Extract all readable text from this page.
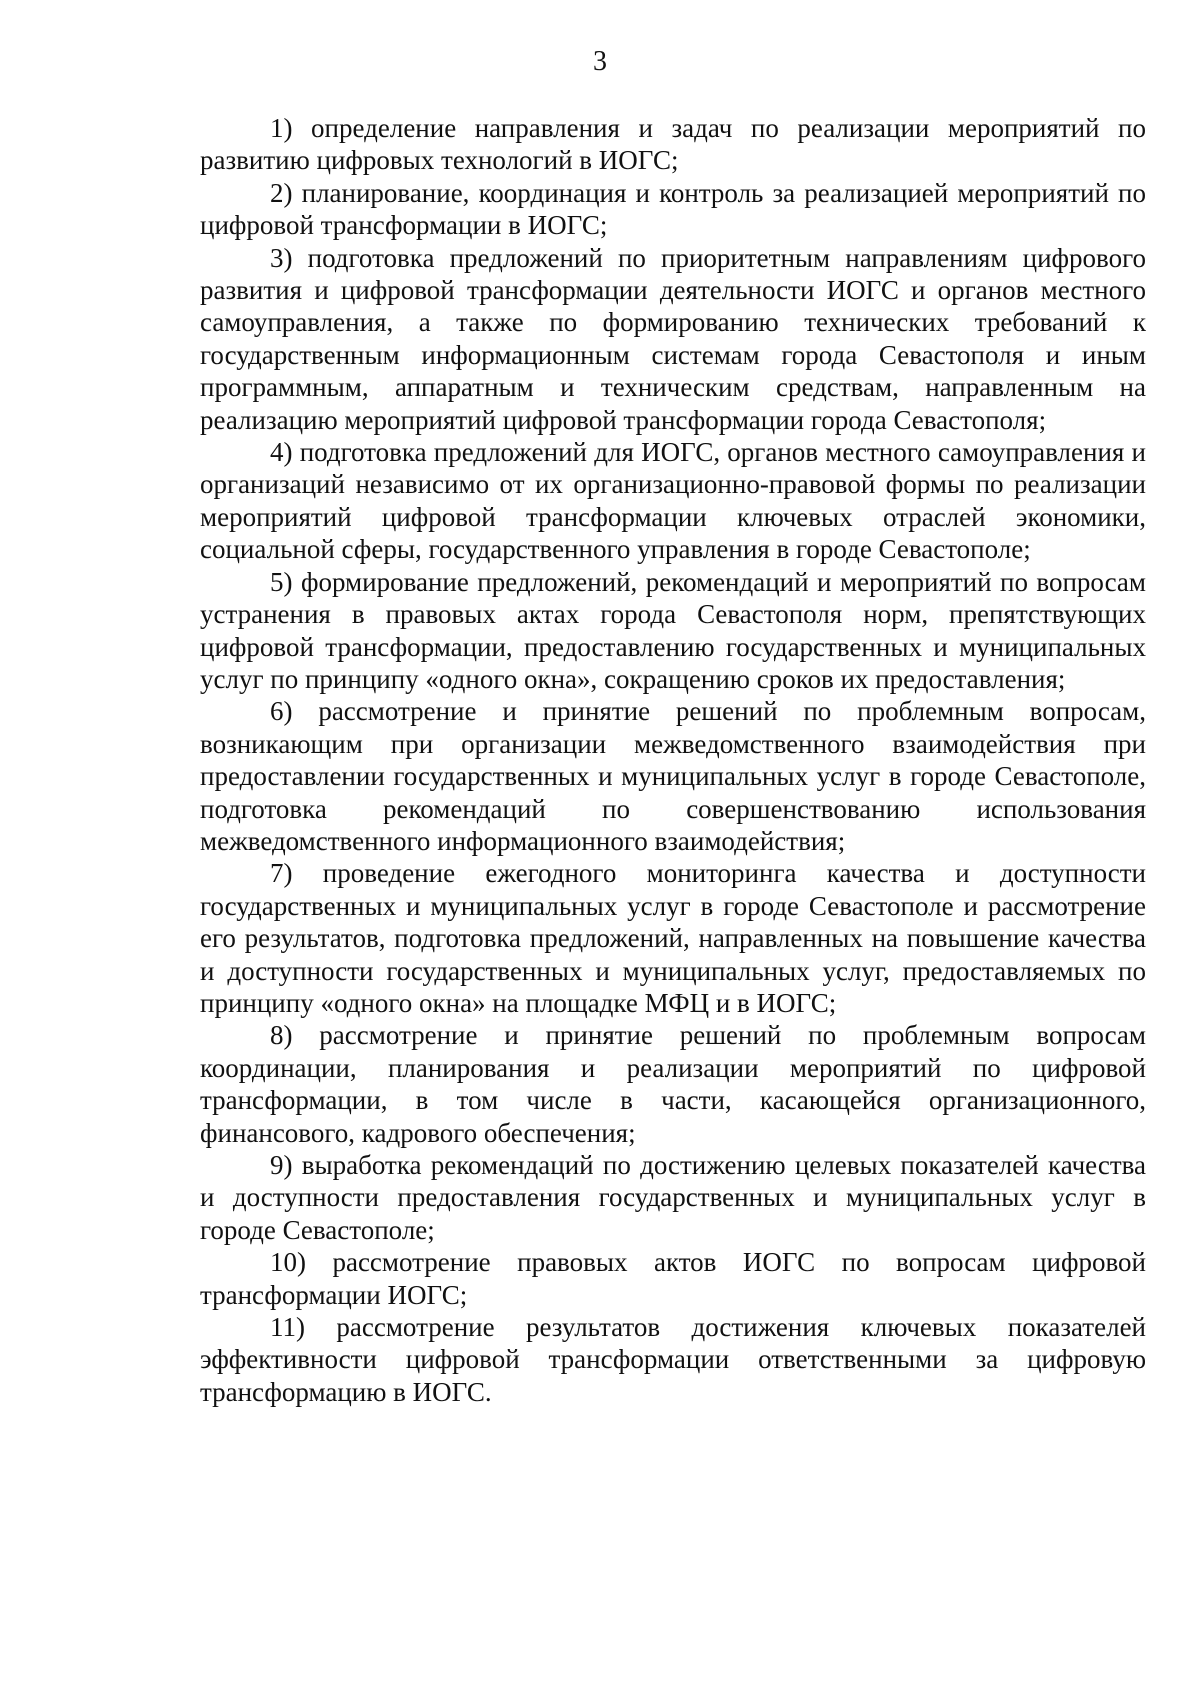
3

1) определение направления и задач по реализации мероприятий по развитию цифровых технологий в ИОГС;

2) планирование, координация и контроль за реализацией мероприятий по цифровой трансформации в ИОГС;

3) подготовка предложений по приоритетным направлениям цифрового развития и цифровой трансформации деятельности ИОГС и органов местного самоуправления, а также по формированию технических требований к государственным информационным системам города Севастополя и иным программным, аппаратным и техническим средствам, направленным на реализацию мероприятий цифровой трансформации города Севастополя;

4) подготовка предложений для ИОГС, органов местного самоуправления и организаций независимо от их организационно-правовой формы по реализации мероприятий цифровой трансформации ключевых отраслей экономики, социальной сферы, государственного управления в городе Севастополе;

5) формирование предложений, рекомендаций и мероприятий по вопросам устранения в правовых актах города Севастополя норм, препятствующих цифровой трансформации, предоставлению государственных и муниципальных услуг по принципу «одного окна», сокращению сроков их предоставления;

6) рассмотрение и принятие решений по проблемным вопросам, возникающим при организации межведомственного взаимодействия при предоставлении государственных и муниципальных услуг в городе Севастополе, подготовка рекомендаций по совершенствованию использования межведомственного информационного взаимодействия;

7) проведение ежегодного мониторинга качества и доступности государственных и муниципальных услуг в городе Севастополе и рассмотрение его результатов, подготовка предложений, направленных на повышение качества и доступности государственных и муниципальных услуг, предоставляемых по принципу «одного окна» на площадке МФЦ и в ИОГС;

8) рассмотрение и принятие решений по проблемным вопросам координации, планирования и реализации мероприятий по цифровой трансформации, в том числе в части, касающейся организационного, финансового, кадрового обеспечения;

9) выработка рекомендаций по достижению целевых показателей качества и доступности предоставления государственных и муниципальных услуг в городе Севастополе;

10) рассмотрение правовых актов ИОГС по вопросам цифровой трансформации ИОГС;

11) рассмотрение результатов достижения ключевых показателей эффективности цифровой трансформации ответственными за цифровую трансформацию в ИОГС.
